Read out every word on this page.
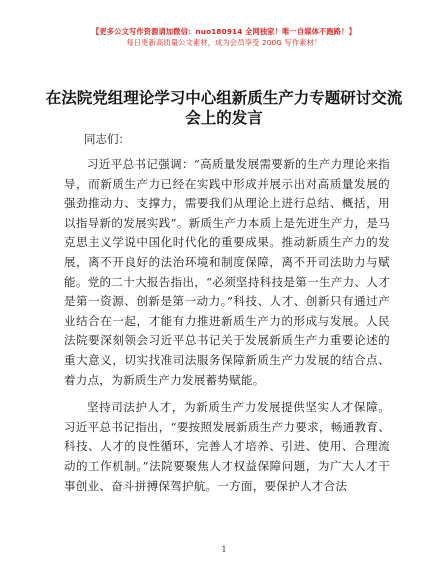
【更多公文写作资源请加微信：nuo180914 全网独家！唯一自媒体不跑路！】
每日更新高质量公文素材，成为会员享受 200G 写作素材！
在法院党组理论学习中心组新质生产力专题研讨交流会上的发言
同志们：

习近平总书记强调：“高质量发展需要新的生产力理论来指导，而新质生产力已经在实践中形成并展示出对高质量发展的强劲推动力、支撑力，需要我们从理论上进行总结、概括，用以指导新的发展实践”。新质生产力本质上是先进生产力，是马克思主义学说中国化时代化的重要成果。推动新质生产力的发展，离不开良好的法治环境和制度保障，离不开司法助力与赋能。党的二十大报告指出，“必须坚持科技是第一生产力、人才是第一资源、创新是第一动力。”科技、人才、创新只有通过产业结合在一起，才能有力推进新质生产力的形成与发展。人民法院要深刻领会习近平总书记关于发展新质生产力重要论述的重大意义，切实找准司法服务保障新质生产力发展的结合点、着力点，为新质生产力发展蓄势赋能。

坚持司法护人才，为新质生产力发展提供坚实人才保障。习近平总书记指出，“要按照发展新质生产力要求，畅通教育、科技、人才的良性循环，完善人才培养、引进、使用、合理流动的工作机制。”法院要聚焦人才权益保障问题，为广大人才干事创业、奋斗拼搏保驾护航。一方面，要保护人才合法

1
